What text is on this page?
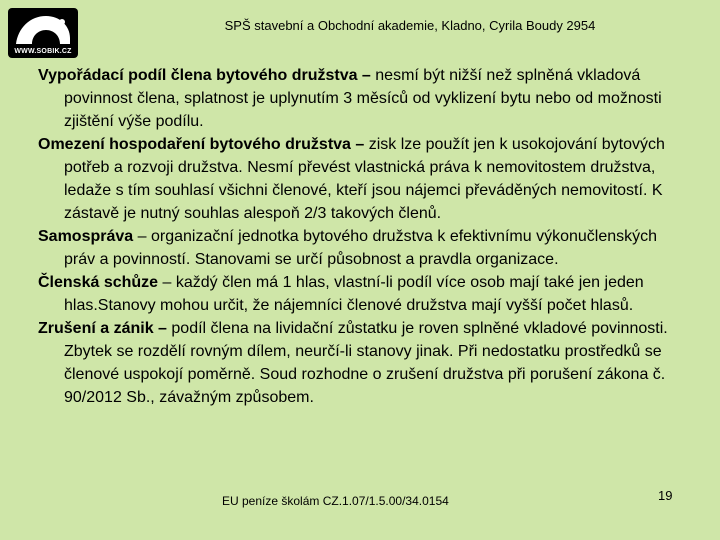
WWW.SOBIK.CZ
SPŠ stavební a Obchodní akademie, Kladno, Cyrila Boudy 2954

Vypořádací podíl člena bytového družstva – nesmí být nižší než splněná vkladová povinnost člena, splatnost je uplynutím 3 měsíců od vyklizení bytu nebo od možnosti zjištění výše podílu.

Omezení hospodaření bytového družstva – zisk lze použít jen k usokojování bytových potřeb a rozvoji družstva. Nesmí převést vlastnická práva k nemovitostem družstva, ledaže s tím souhlasí všichni členové, kteří jsou nájemci převáděných nemovitostí. K zástavě je nutný souhlas alespoň 2/3 takových členů.

Samospráva – organizační jednotka bytového družstva k efektivnímu výkonučlenských práv a povinností. Stanovami se určí působnost a pravdla organizace.

Členská schůze – každý člen má 1 hlas, vlastní-li podíl více osob mají také jen jeden hlas.Stanovy mohou určit, že nájemníci členové družstva mají vyšší počet hlasů.

Zrušení a zánik – podíl člena na lividační zůstatku je roven splněné vkladové povinnosti. Zbytek se rozdělí rovným dílem, neurčí-li stanovy jinak. Při nedostatku prostředků se členové uspokojí poměrně. Soud rozhodne o zrušení družstva při porušení zákona č. 90/2012 Sb., závažným způsobem.

EU peníze školám CZ.1.07/1.5.00/34.0154	19
